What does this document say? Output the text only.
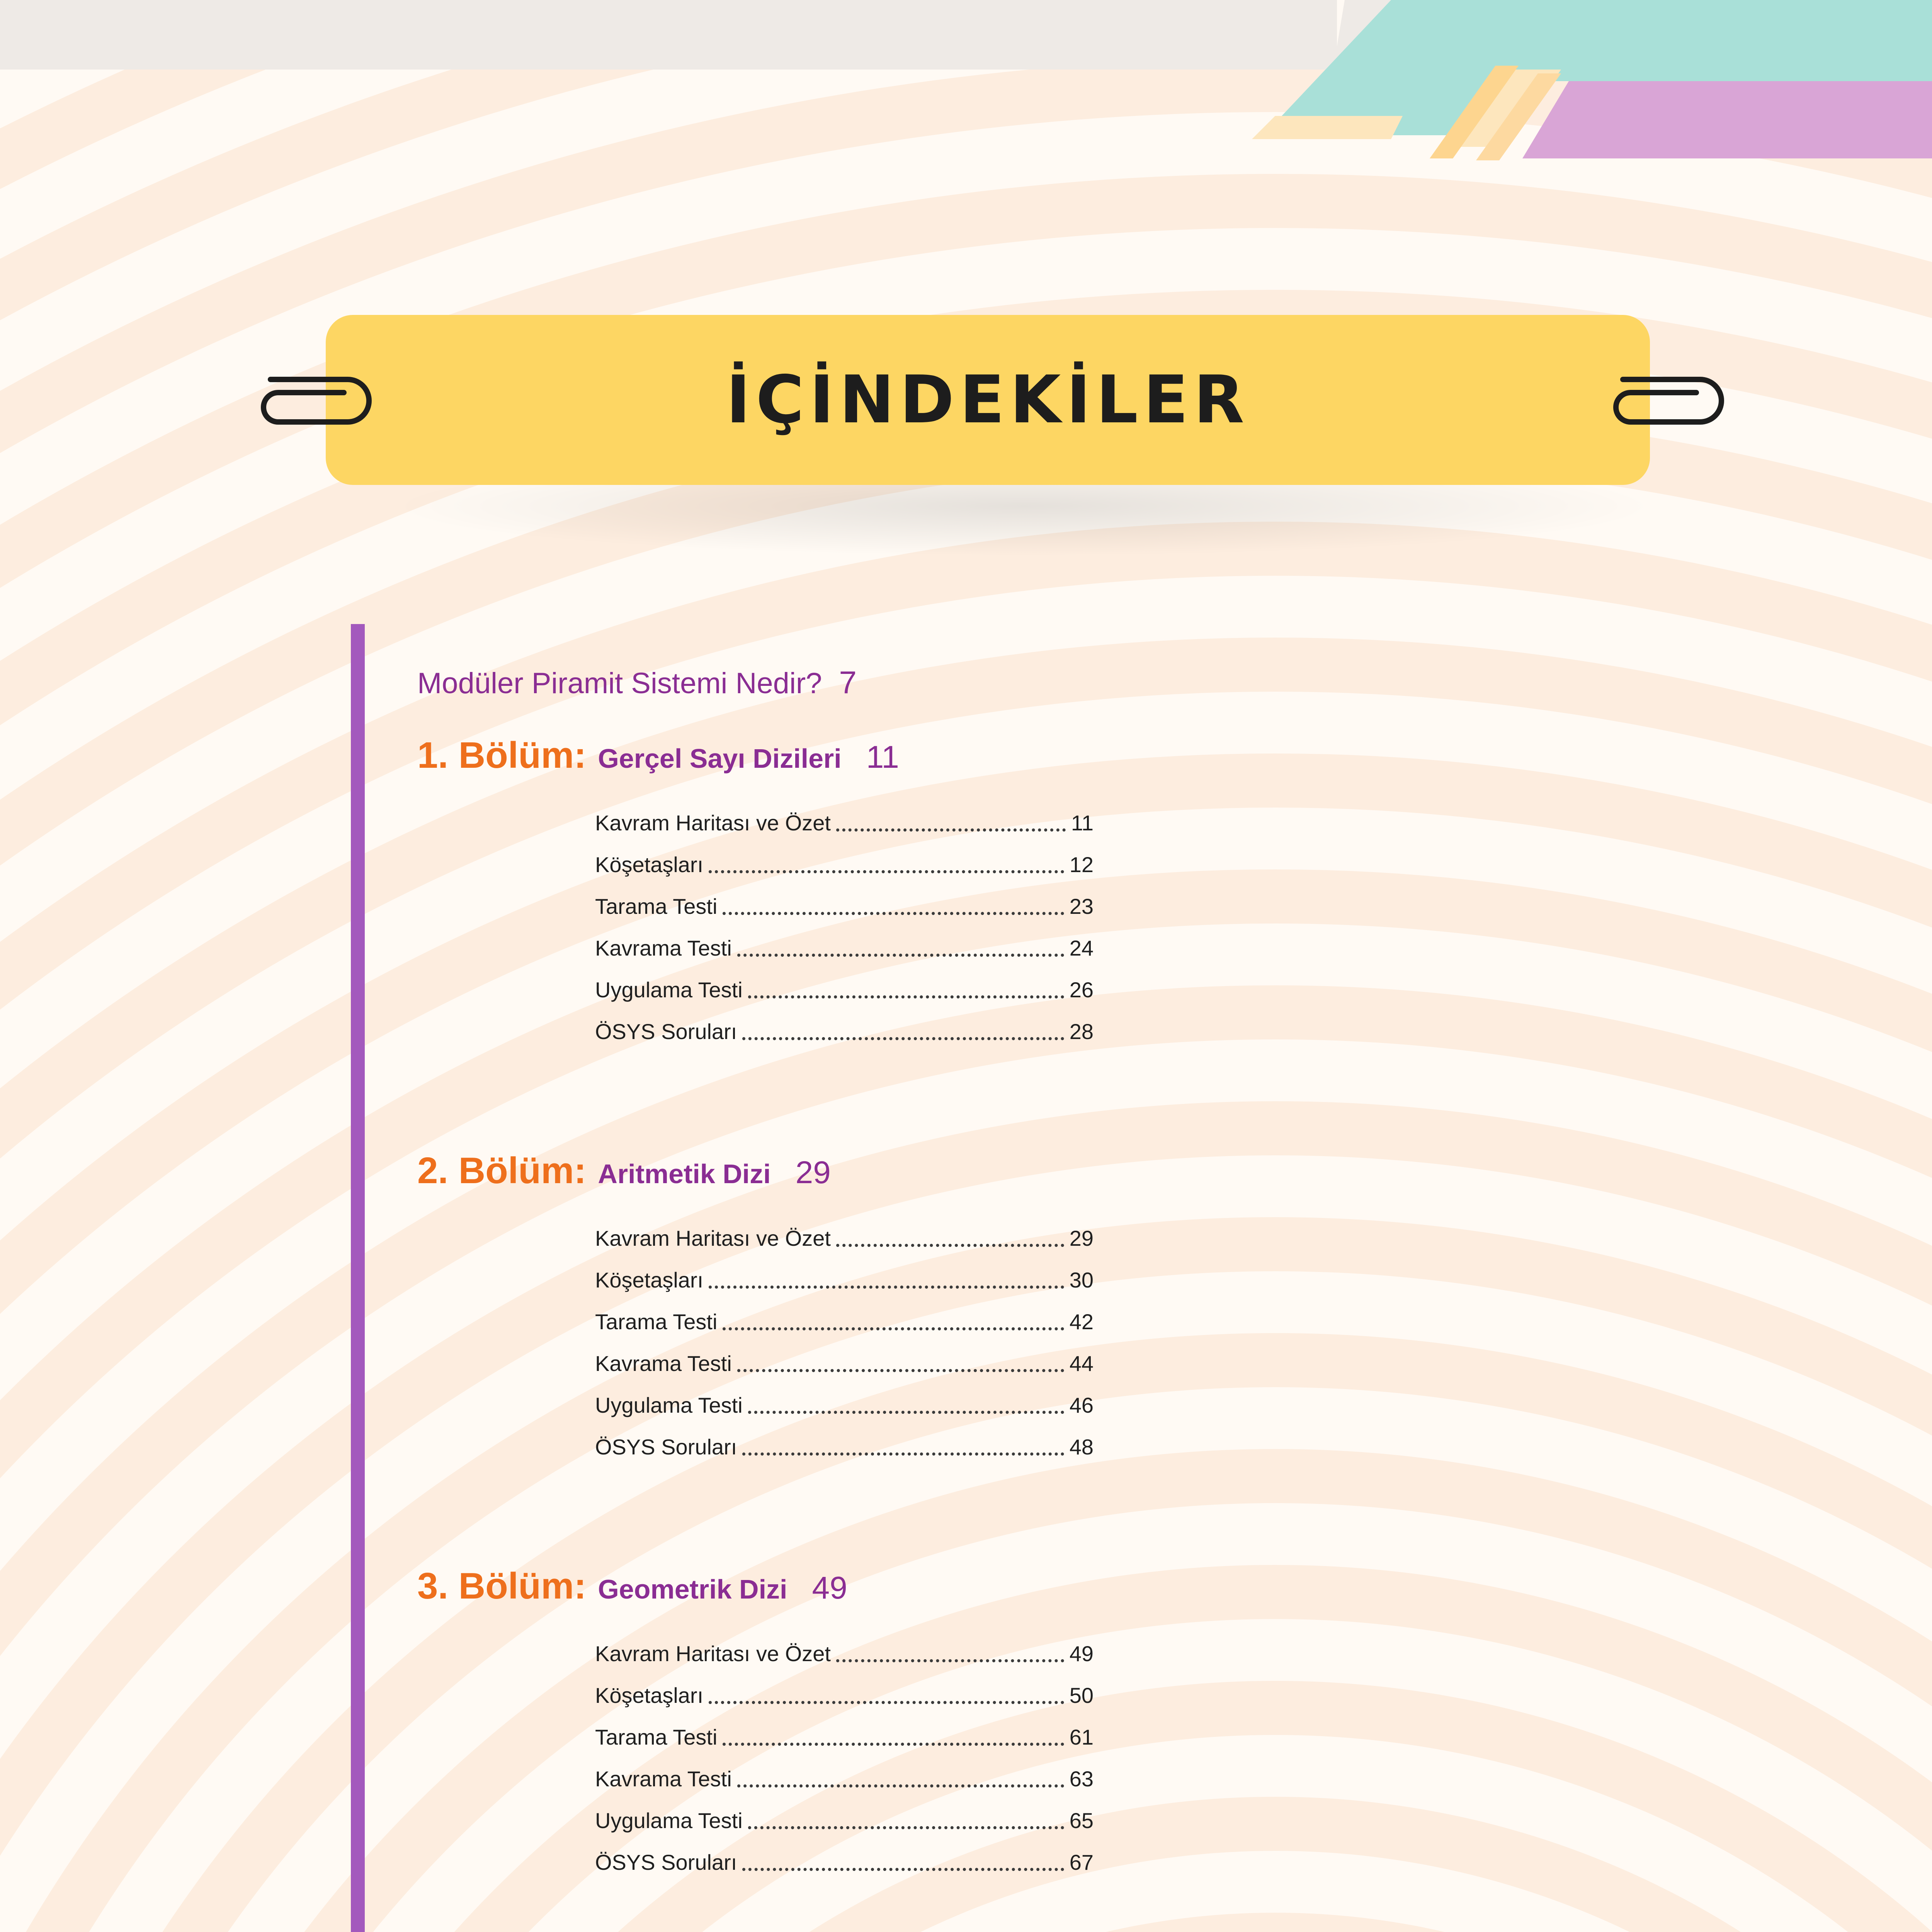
İÇİNDEKİLER
Modüler Piramit Sistemi Nedir? 7
1. Bölüm: Gerçel Sayı Dizileri 11
Kavram Haritası ve Özet	11
Köşetaşları	12
Tarama Testi	23
Kavrama Testi	24
Uygulama Testi	26
ÖSYS Soruları	28
2. Bölüm: Aritmetik Dizi 29
Kavram Haritası ve Özet	29
Köşetaşları	30
Tarama Testi	42
Kavrama Testi	44
Uygulama Testi	46
ÖSYS Soruları	48
3. Bölüm: Geometrik Dizi 49
Kavram Haritası ve Özet	49
Köşetaşları	50
Tarama Testi	61
Kavrama Testi	63
Uygulama Testi	65
ÖSYS Soruları	67
